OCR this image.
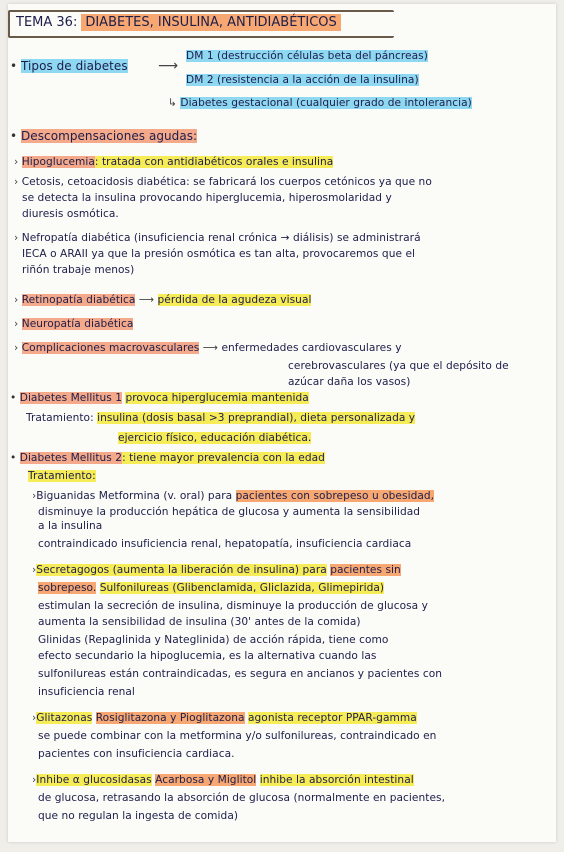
TEMA 36: DIABETES, INSULINA, ANTIDIABÉTICOS
• Tipos de diabetes ⟶
DM 1 (destrucción células beta del páncreas)
DM 2 (resistencia a la acción de la insulina)
↳ Diabetes gestacional (cualquier grado de intolerancia)
• Descompensaciones agudas:
› Hipoglucemia: tratada con antidiabéticos orales e insulina
› Cetosis, cetoacidosis diabética: se fabricará los cuerpos cetónicos ya que no
se detecta la insulina provocando hiperglucemia, hiperosmolaridad y
diuresis osmótica.
› Nefropatía diabética (insuficiencia renal crónica → diálisis) se administrará
IECA o ARAII ya que la presión osmótica es tan alta, provocaremos que el
riñón trabaje menos)
› Retinopatía diabética ⟶ pérdida de la agudeza visual
› Neuropatía diabética
› Complicaciones macrovasculares ⟶ enfermedades cardiovasculares y
cerebrovasculares (ya que el depósito de
azúcar daña los vasos)
• Diabetes Mellitus 1 provoca hiperglucemia mantenida
Tratamiento: insulina (dosis basal >3 preprandial), dieta personalizada y
ejercicio físico, educación diabética.
• Diabetes Mellitus 2: tiene mayor prevalencia con la edad
Tratamiento:
›Biguanidas Metformina (v. oral) para pacientes con sobrepeso u obesidad,
disminuye la producción hepática de glucosa y aumenta la sensibilidad
a la insulina
contraindicado insuficiencia renal, hepatopatía, insuficiencia cardiaca
›Secretagogos (aumenta la liberación de insulina) para pacientes sin
sobrepeso. Sulfonilureas (Glibenclamida, Gliclazida, Glimepirida)
estimulan la secreción de insulina, disminuye la producción de glucosa y
aumenta la sensibilidad de insulina (30' antes de la comida)
Glinidas (Repaglinida y Nateglinida) de acción rápida, tiene como
efecto secundario la hipoglucemia, es la alternativa cuando las
sulfonilureas están contraindicadas, es segura en ancianos y pacientes con
insuficiencia renal
›Glitazonas Rosiglitazona y Pioglitazona agonista receptor PPAR-gamma
se puede combinar con la metformina y/o sulfonilureas, contraindicado en
pacientes con insuficiencia cardiaca.
›Inhibe α glucosidasas Acarbosa y Miglitol inhibe la absorción intestinal
de glucosa, retrasando la absorción de glucosa (normalmente en pacientes,
que no regulan la ingesta de comida)
